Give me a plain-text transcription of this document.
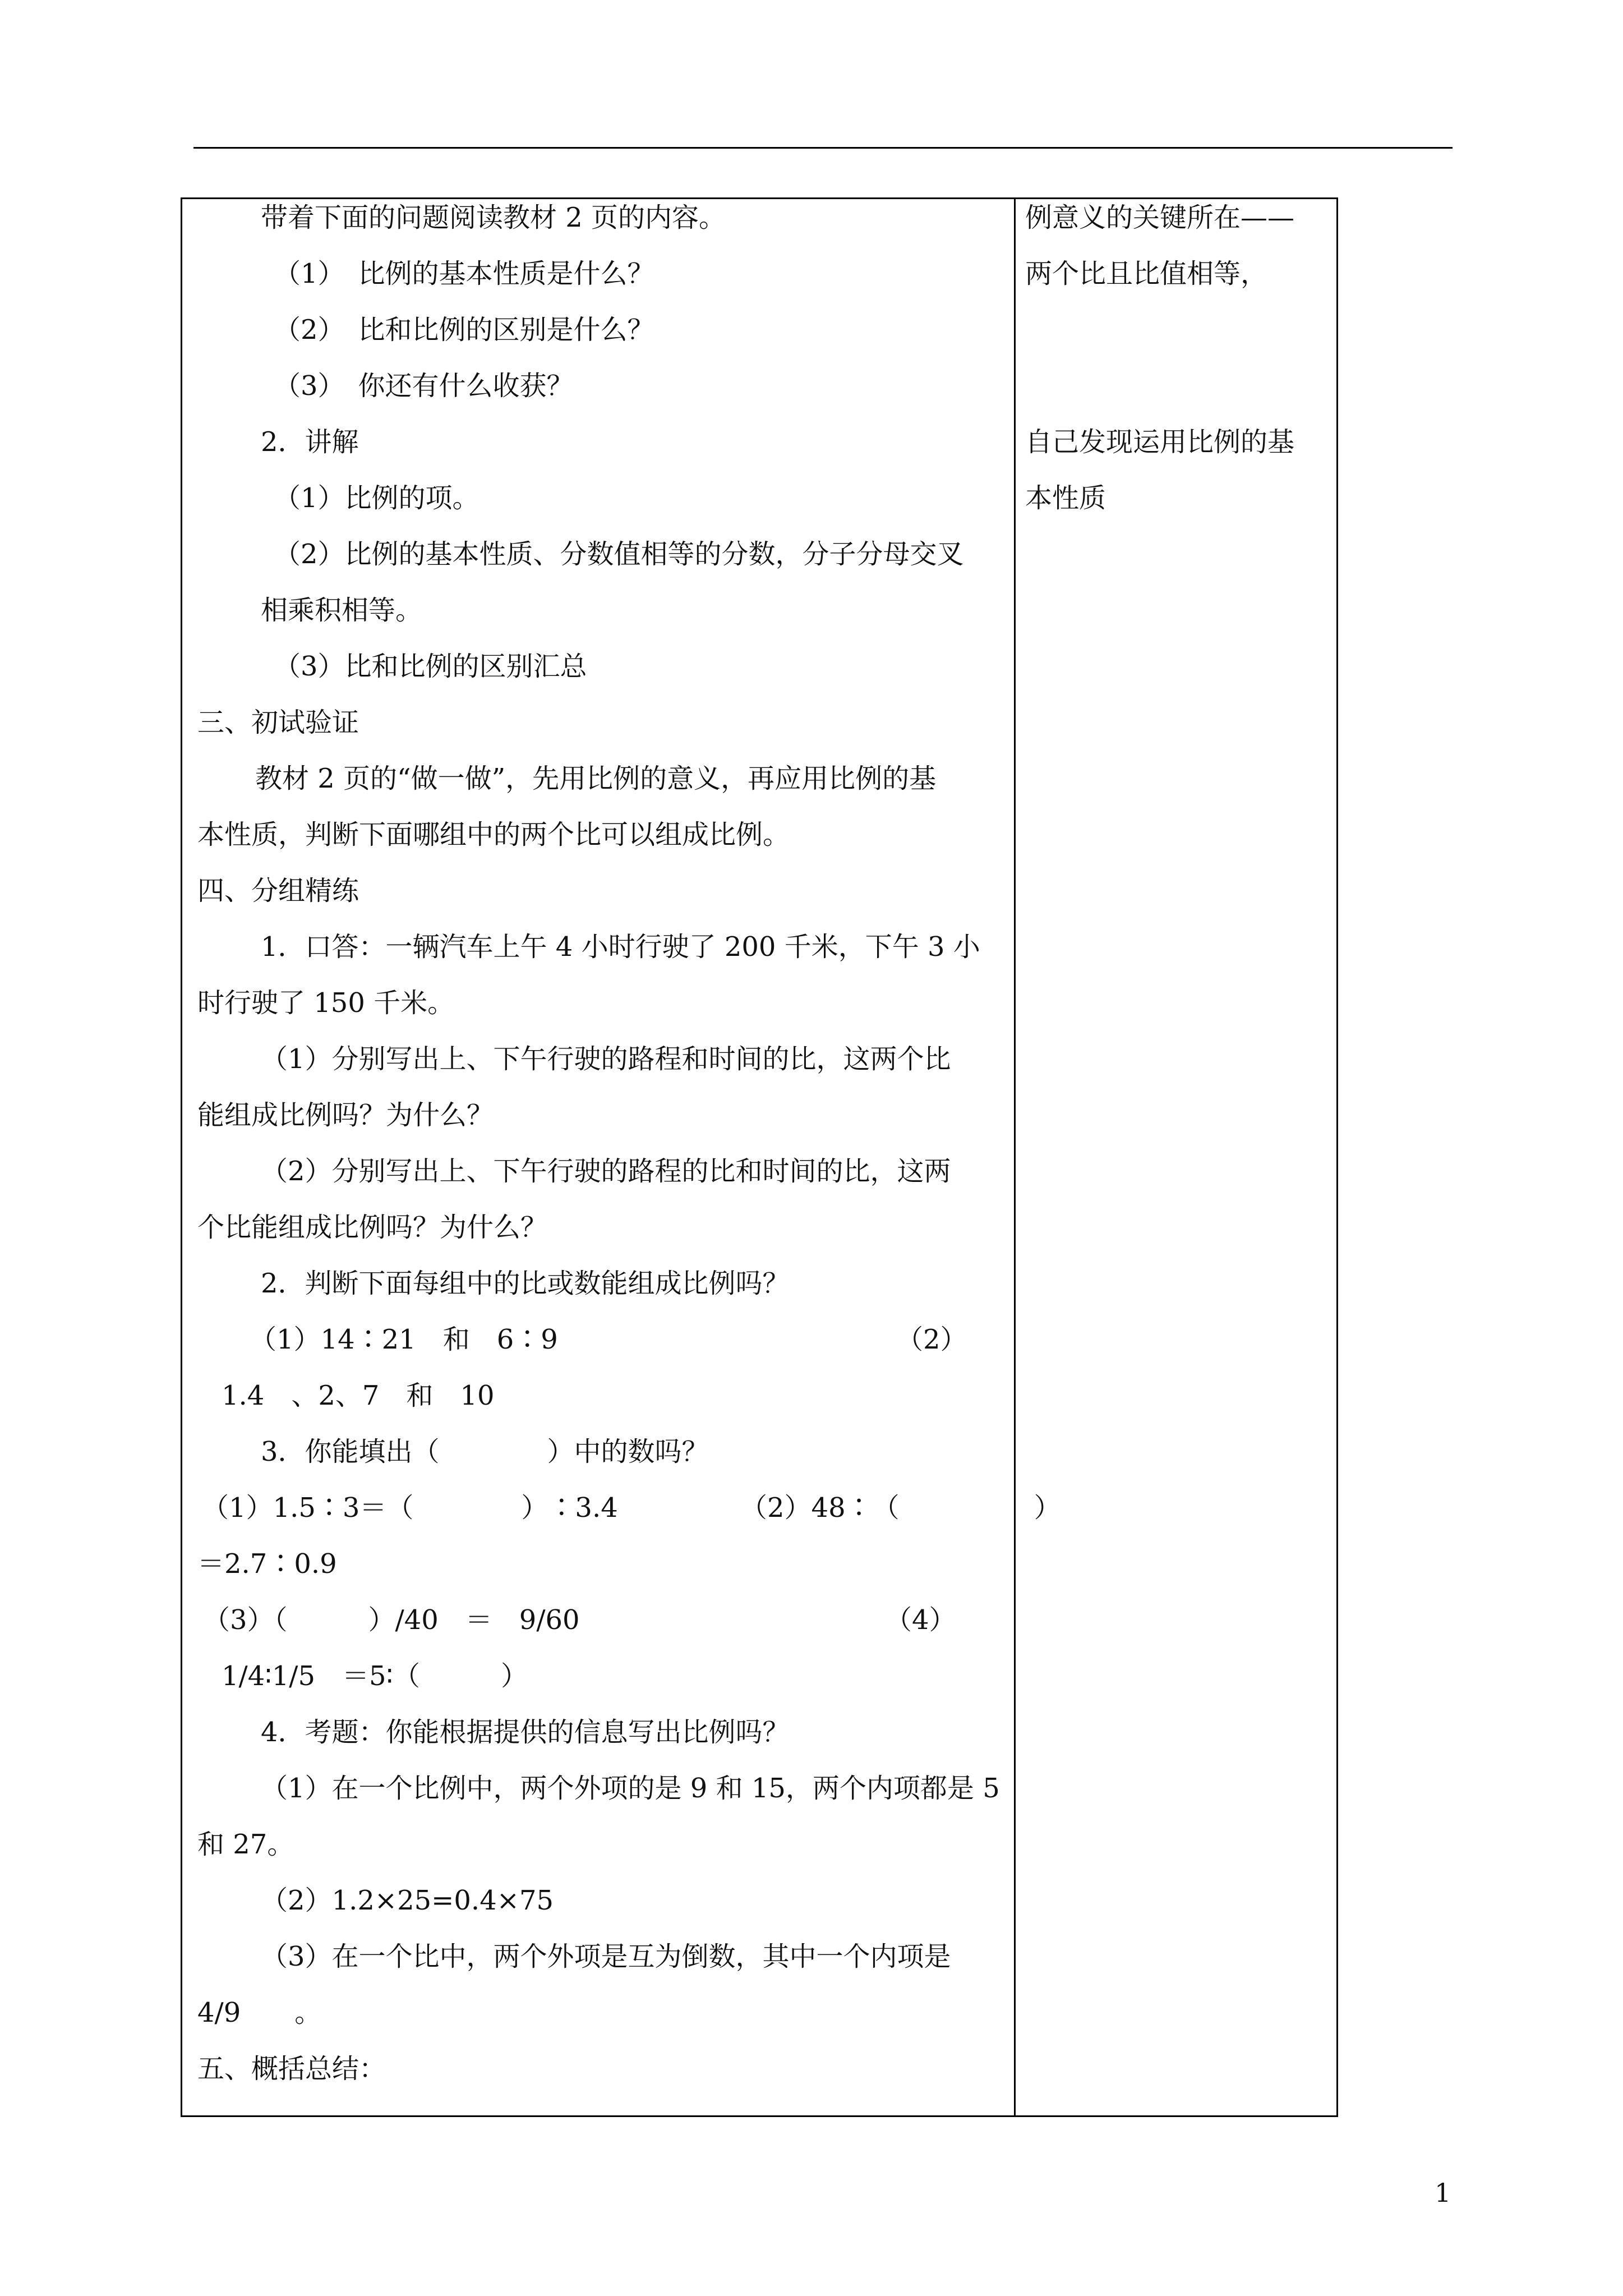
带着下面的问题阅读教材 2 页的内容。
（1）　比例的基本性质是什么？
（2）　比和比例的区别是什么？
（3）　你还有什么收获？
2．讲解
（1）比例的项。
（2）比例的基本性质、分数值相等的分数，分子分母交叉
相乘积相等。
（3）比和比例的区别汇总
三、初试验证
教材 2 页的“做一做”，先用比例的意义，再应用比例的基
本性质，判断下面哪组中的两个比可以组成比例。
四、分组精练
1．口答：一辆汽车上午 4 小时行驶了 200 千米，下午 3 小
时行驶了 150 千米。
（1）分别写出上、下午行驶的路程和时间的比，这两个比
能组成比例吗？为什么？
（2）分别写出上、下午行驶的路程的比和时间的比，这两
个比能组成比例吗？为什么？
2．判断下面每组中的比或数能组成比例吗？
（1）14∶21　和　6∶9	（2）
1.4　、2、7　和　10
3．你能填出（　　　　）中的数吗？
（1）1.5∶3＝（　　　　）∶3.4	（2）48∶（　　　　　）
＝2.7∶0.9
（3）（　　　）/40　＝　9/60	（4）
1/4∶1/5　＝5∶（　　　）
4．考题：你能根据提供的信息写出比例吗？
（1）在一个比例中，两个外项的是 9 和 15，两个内项都是 5
和 27。
（2）1.2×25=0.4×75
（3）在一个比中，两个外项是互为倒数，其中一个内项是
4/9　　。
五、概括总结：
例意义的关键所在——
两个比且比值相等，
自己发现运用比例的基
本性质
1
